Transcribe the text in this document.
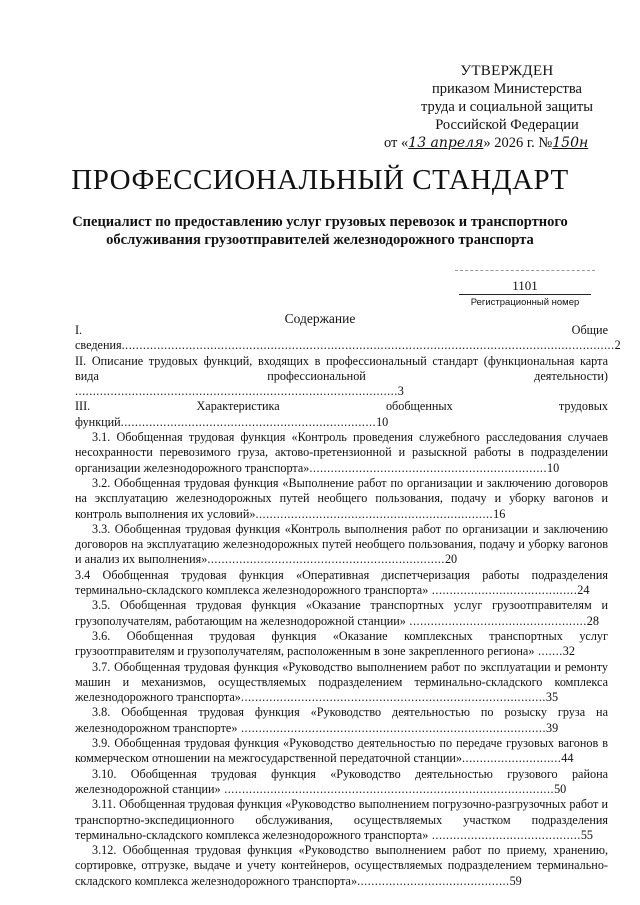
УТВЕРЖДЕН
приказом Министерства
труда и социальной защиты
Российской Федерации
от «13 апреля» 2026 г. №150н
ПРОФЕССИОНАЛЬНЫЙ СТАНДАРТ
Специалист по предоставлению услуг грузовых перевозок и транспортного
обслуживания грузоотправителей железнодорожного транспорта
1101
Регистрационный номер
Содержание
I. Общие сведения...........................................................................................................................................2
II. Описание трудовых функций, входящих в профессиональный стандарт (функциональная карта вида профессиональной деятельности) ...........................................................................................3
III. Характеристика обобщенных трудовых функций........................................................................10
3.1. Обобщенная трудовая функция «Контроль проведения служебного расследования случаев несохранности перевозимого груза, актово-претензионной и разыскной работы в подразделении организации железнодорожного транспорта»...................................................................10
3.2. Обобщенная трудовая функция «Выполнение работ по организации и заключению договоров на эксплуатацию железнодорожных путей необщего пользования, подачу и уборку вагонов и контроль выполнения их условий»...................................................................16
3.3. Обобщенная трудовая функция «Контроль выполнения работ по организации и заключению договоров на эксплуатацию железнодорожных путей необщего пользования, подачу и уборку вагонов и анализ их выполнения»...................................................................20
3.4 Обобщенная трудовая функция «Оперативная диспетчеризация работы подразделения терминально-складского комплекса железнодорожного транспорта» .........................................24
3.5. Обобщенная трудовая функция «Оказание транспортных услуг грузоотправителям и грузополучателям, работающим на железнодорожной станции» ..................................................28
3.6. Обобщенная трудовая функция «Оказание комплексных транспортных услуг грузоотправителям и грузополучателям, расположенным в зоне закрепленного региона» .......32
3.7. Обобщенная трудовая функция «Руководство выполнением работ по эксплуатации и ремонту машин и механизмов, осуществляемых подразделением терминально-складского комплекса железнодорожного транспорта»......................................................................................35
3.8. Обобщенная трудовая функция «Руководство деятельностью по розыску груза на железнодорожном транспорте» ......................................................................................39
3.9. Обобщенная трудовая функция «Руководство деятельностью по передаче грузовых вагонов в коммерческом отношении на межгосударственной передаточной станции»............................44
3.10. Обобщенная трудовая функция «Руководство деятельностью грузового района железнодорожной станции» .............................................................................................50
3.11. Обобщенная трудовая функция «Руководство выполнением погрузочно-разгрузочных работ и транспортно-экспедиционного обслуживания, осуществляемых участком подразделения терминально-складского комплекса железнодорожного транспорта» ..........................................55
3.12. Обобщенная трудовая функция «Руководство выполнением работ по приему, хранению, сортировке, отгрузке, выдаче и учету контейнеров, осуществляемых подразделением терминально-складского комплекса железнодорожного транспорта»...........................................59
